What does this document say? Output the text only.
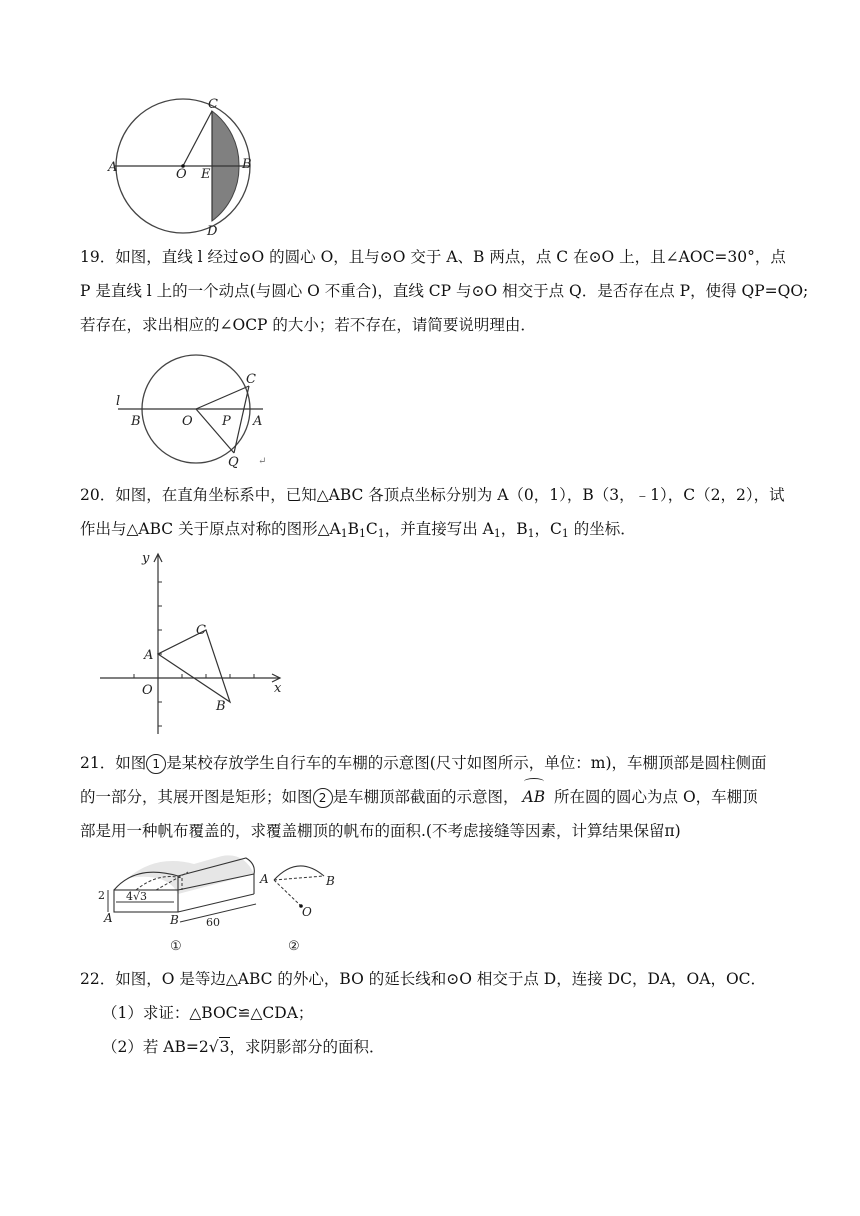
A	O E
B
C
D
19．如图，直线 l 经过⊙O 的圆心 O，且与⊙O 交于 A、B 两点，点 C 在⊙O 上，且∠AOC=30°，点
P 是直线 l 上的一个动点(与圆心 O 不重合)，直线 CP 与⊙O 相交于点 Q．是否存在点 P，使得 QP=QO;
若存在，求出相应的∠OCP 的大小；若不存在，请简要说明理由．
l
B	O P A
C
Q ↵
20．如图，在直角坐标系中，已知△ABC 各顶点坐标分别为 A（0，1），B（3，﹣1），C（2，2），试
作出与△ABC 关于原点对称的图形$\triangle A_1B_1C_1$，并直接写出 $A_1$，$B_1$，$C_1$ 的坐标．
y
x
O
A
B
C
21．如图 1 是某校存放学生自行车的车棚的示意图(尺寸如图所示，单位：m)，车棚顶部是圆柱侧面
的一部分，其展开图是矩形；如图 2 是车棚顶部截面的示意图， AB 所在圆的圆心为点 O，车棚顶
部是用一种帆布覆盖的，求覆盖棚顶的帆布的面积.(不考虑接缝等因素，计算结果保留π)
2 4√3
A	B 60
①	②
A	B
O
22．如图，O 是等边△ABC 的外心，BO 的延长线和⊙O 相交于点 D，连接 DC，DA，OA，OC．
（1）求证：△BOC≌△CDA；
（2）若 AB=2√3，求阴影部分的面积．
